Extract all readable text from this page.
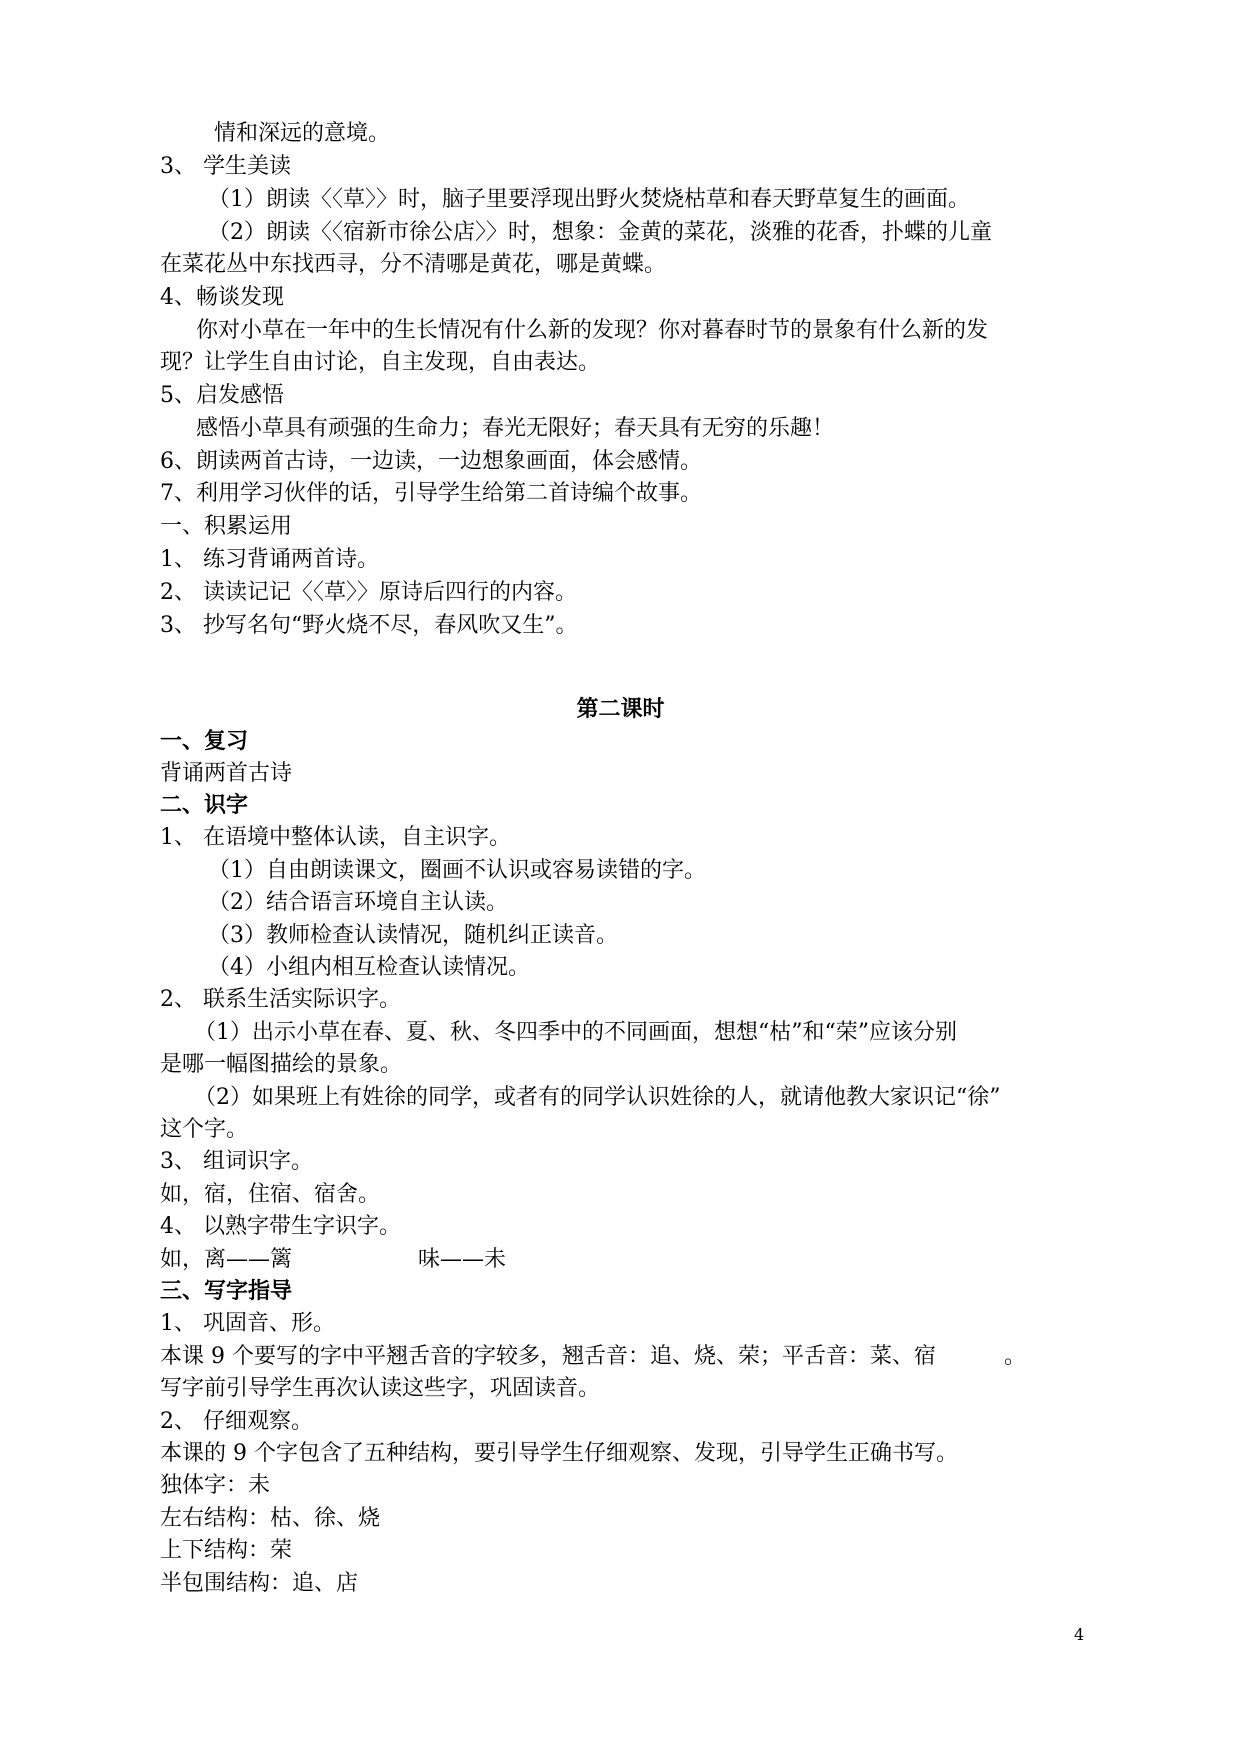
情和深远的意境。
3、 学生美读
（1）朗读〈〈草〉〉时，脑子里要浮现出野火焚烧枯草和春天野草复生的画面。
（2）朗读〈〈宿新市徐公店〉〉时，想象：金黄的菜花，淡雅的花香，扑蝶的儿童
在菜花丛中东找西寻，分不清哪是黄花，哪是黄蝶。
4、畅谈发现
你对小草在一年中的生长情况有什么新的发现？你对暮春时节的景象有什么新的发
现？让学生自由讨论，自主发现，自由表达。
5、启发感悟
感悟小草具有顽强的生命力；春光无限好；春天具有无穷的乐趣！
6、朗读两首古诗，一边读，一边想象画面，体会感情。
7、利用学习伙伴的话，引导学生给第二首诗编个故事。
一、积累运用
1、 练习背诵两首诗。
2、 读读记记〈〈草〉〉原诗后四行的内容。
3、 抄写名句“野火烧不尽，春风吹又生”。
第二课时
一、复习
背诵两首古诗
二、识字
1、 在语境中整体认读，自主识字。
（1）自由朗读课文，圈画不认识或容易读错的字。
（2）结合语言环境自主认读。
（3）教师检查认读情况，随机纠正读音。
（4）小组内相互检查认读情况。
2、 联系生活实际识字。
（1）出示小草在春、夏、秋、冬四季中的不同画面，想想“枯”和“荣”应该分别
是哪一幅图描绘的景象。
（2）如果班上有姓徐的同学，或者有的同学认识姓徐的人，就请他教大家识记“徐”
这个字。
3、 组词识字。
如，宿，住宿、宿舍。
4、 以熟字带生字识字。
如，离——篱	味——未
三、写字指导
1、 巩固音、形。
本课 9 个要写的字中平翘舌音的字较多，翘舌音：追、烧、荣；平舌音：菜、宿	。
写字前引导学生再次认读这些字，巩固读音。
2、 仔细观察。
本课的 9 个字包含了五种结构，要引导学生仔细观察、发现，引导学生正确书写。
独体字：未
左右结构：枯、徐、烧
上下结构：荣
半包围结构：追、店
4
